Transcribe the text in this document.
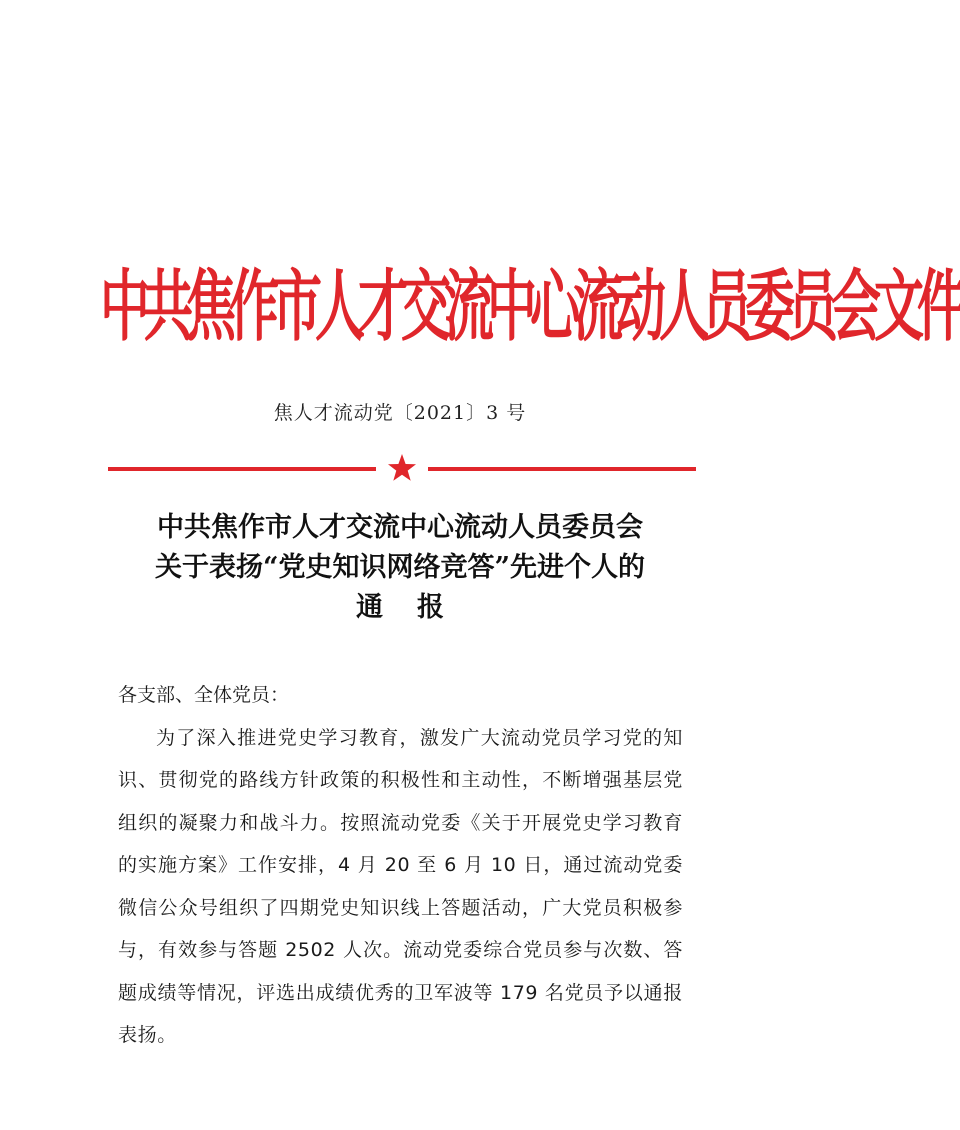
中共焦作市人才交流中心流动人员委员会文件
焦人才流动党〔2021〕3 号
中共焦作市人才交流中心流动人员委员会
关于表扬“党史知识网络竞答”先进个人的
通报
各支部、全体党员：

为了深入推进党史学习教育，激发广大流动党员学习党的知识、贯彻党的路线方针政策的积极性和主动性，不断增强基层党组织的凝聚力和战斗力。按照流动党委《关于开展党史学习教育的实施方案》工作安排，4 月 20 至 6 月 10 日，通过流动党委微信公众号组织了四期党史知识线上答题活动，广大党员积极参与，有效参与答题 2502 人次。流动党委综合党员参与次数、答题成绩等情况，评选出成绩优秀的卫军波等 179 名党员予以通报表扬。
